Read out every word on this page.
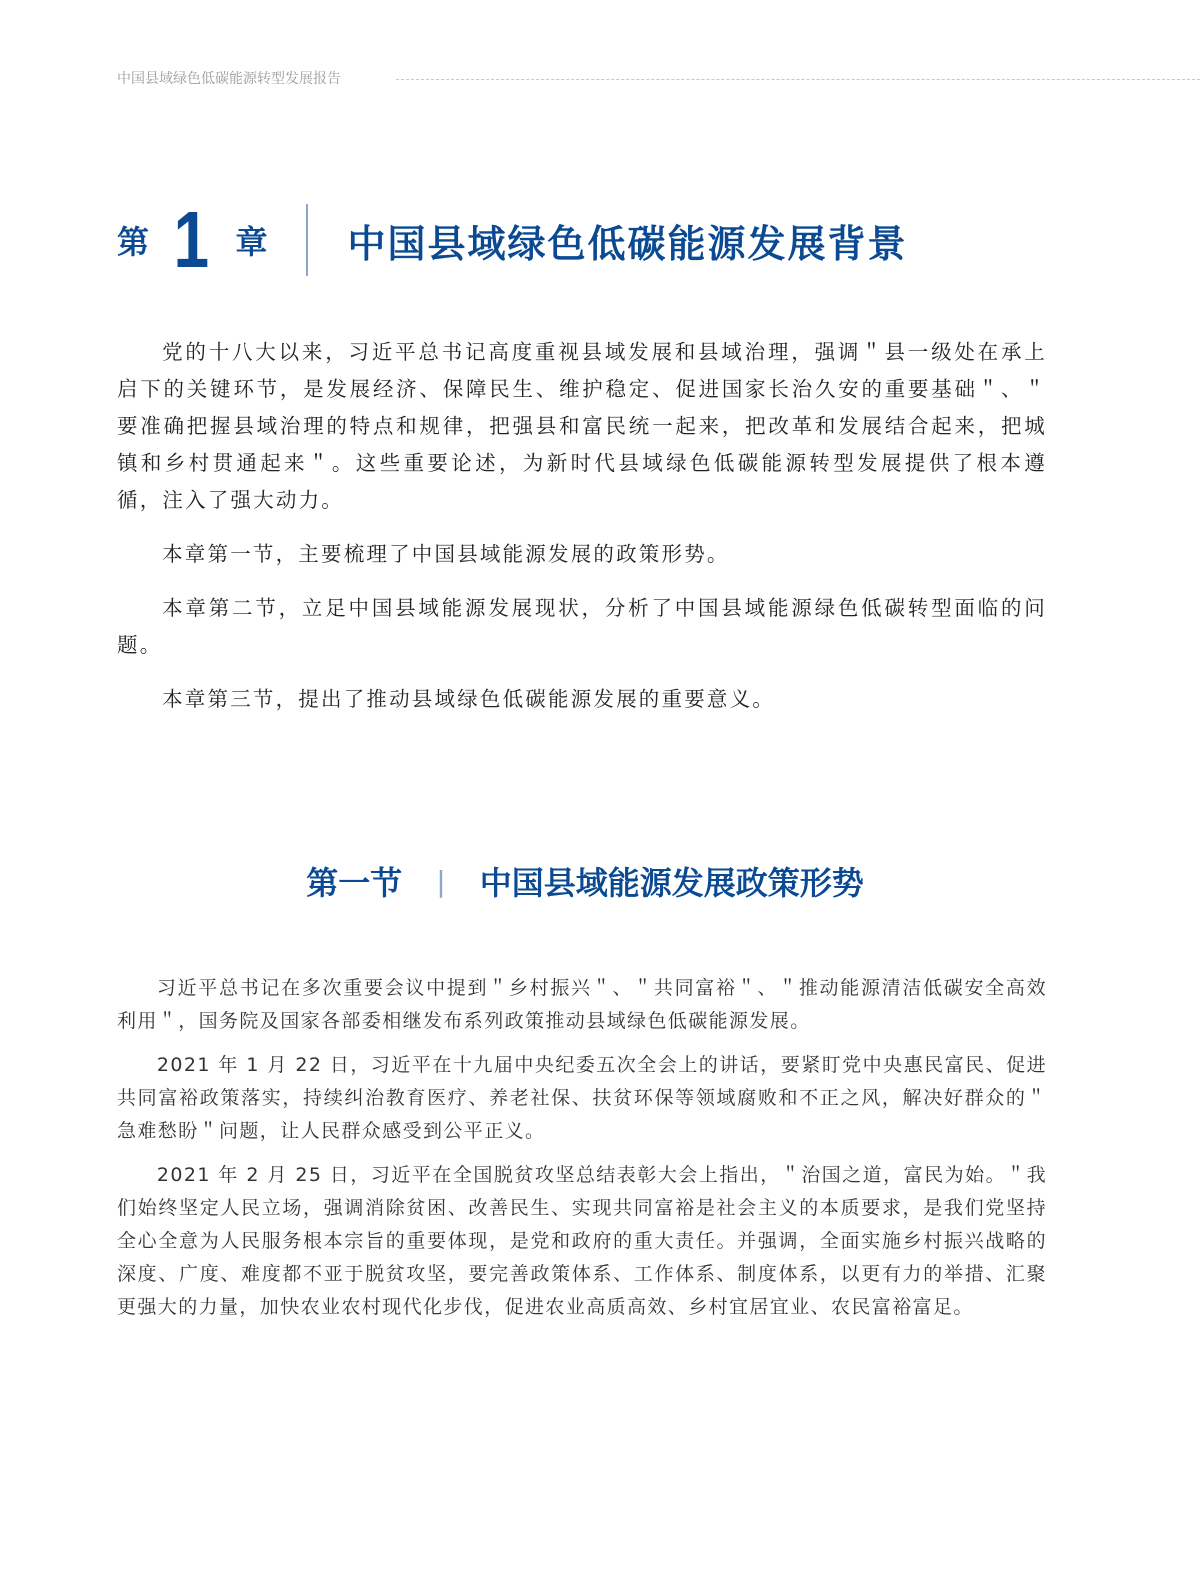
中国县域绿色低碳能源转型发展报告
第 1 章 中国县域绿色低碳能源发展背景

党的十八大以来，习近平总书记高度重视县域发展和县域治理，强调＂县一级处在承上启下的关键环节，是发展经济、保障民生、维护稳定、促进国家长治久安的重要基础＂、＂要准确把握县域治理的特点和规律，把强县和富民统一起来，把改革和发展结合起来，把城镇和乡村贯通起来＂。这些重要论述，为新时代县域绿色低碳能源转型发展提供了根本遵循，注入了强大动力。

本章第一节，主要梳理了中国县域能源发展的政策形势。

本章第二节，立足中国县域能源发展现状，分析了中国县域能源绿色低碳转型面临的问题。

本章第三节，提出了推动县域绿色低碳能源发展的重要意义。

第一节 | 中国县域能源发展政策形势

习近平总书记在多次重要会议中提到＂乡村振兴＂、＂共同富裕＂、＂推动能源清洁低碳安全高效利用＂，国务院及国家各部委相继发布系列政策推动县域绿色低碳能源发展。

2021 年 1 月 22 日，习近平在十九届中央纪委五次全会上的讲话，要紧盯党中央惠民富民、促进共同富裕政策落实，持续纠治教育医疗、养老社保、扶贫环保等领域腐败和不正之风，解决好群众的＂急难愁盼＂问题，让人民群众感受到公平正义。

2021 年 2 月 25 日，习近平在全国脱贫攻坚总结表彰大会上指出，＂治国之道，富民为始。＂我们始终坚定人民立场，强调消除贫困、改善民生、实现共同富裕是社会主义的本质要求，是我们党坚持全心全意为人民服务根本宗旨的重要体现，是党和政府的重大责任。并强调，全面实施乡村振兴战略的深度、广度、难度都不亚于脱贫攻坚，要完善政策体系、工作体系、制度体系，以更有力的举措、汇聚更强大的力量，加快农业农村现代化步伐，促进农业高质高效、乡村宜居宜业、农民富裕富足。
